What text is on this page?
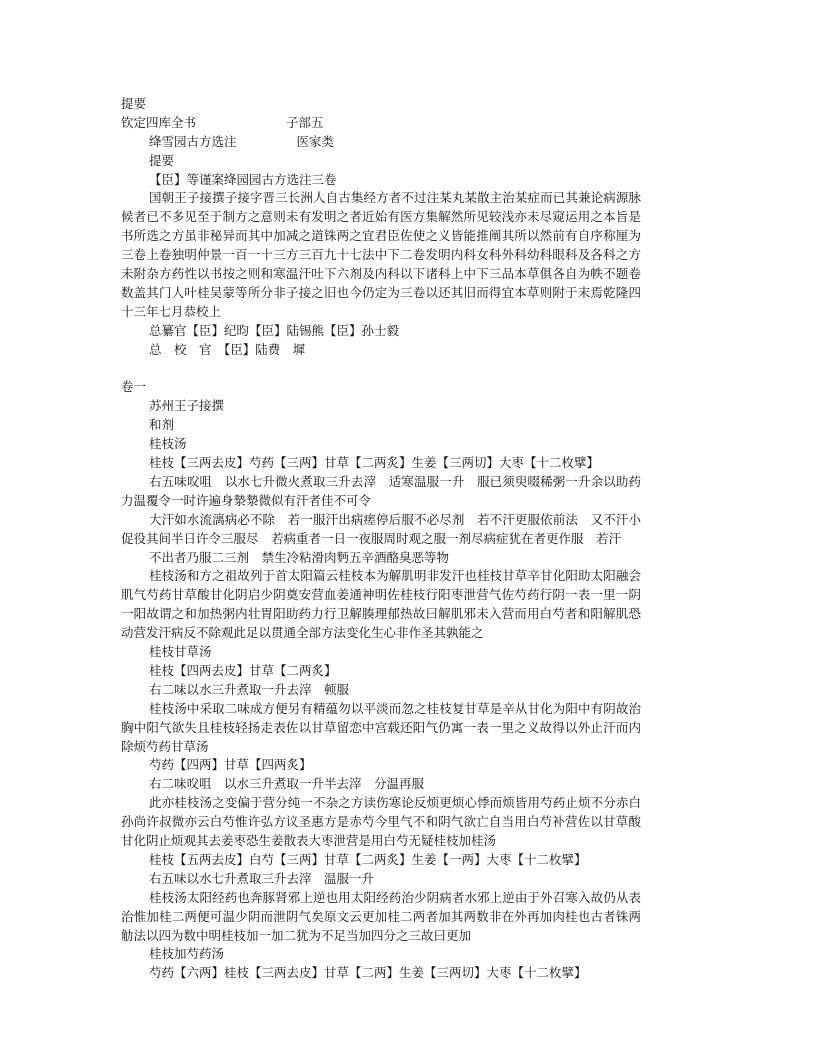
提要
钦定四库全书	子部五
绛雪园古方选注	医家类
提要
【臣】等谨案绛园园古方选注三卷
国朝王子接撰子接字晋三长洲人自古集经方者不过注某丸某散主治某症而已其兼论病源脉候者已不多见至于制方之意则未有发明之者近始有医方集解然所见较浅亦未尽窥运用之本旨是书所选之方虽非秘异而其中加减之道铢两之宜君臣佐使之义皆能推阐其所以然前有自序称厘为三卷上卷独明仲景一百一十三方三百九十七法中下二卷发明内科女科外科幼科眼科及各科之方未附杂方药性以书按之则和寒温汗吐下六剂及内科以下诸科上中下三品本草俱各自为帙不题卷数盖其门人叶桂吴蒙等所分非子接之旧也今仍定为三卷以还其旧而得宜本草则附于末焉乾隆四十三年七月恭校上
总纂官【臣】纪昀【臣】陆锡熊【臣】孙士毅
总　校　官　【臣】陆费　墀
卷一
苏州王子接撰
和剂
桂枝汤
桂枝【三两去皮】芍药【三两】甘草【二两炙】生姜【三两切】大枣【十二枚擘】
右五味㕮咀　以水七升微火煮取三升去滓　适寒温服一升　服已须臾啜稀粥一升余以助药力温覆令一时许遍身漐漐微似有汗者佳不可令
大汗如水流漓病必不除　若一服汗出病瘥停后服不必尽剂　若不汗更服依前法　又不汗小促役其间半日许令三服尽　若病重者一日一夜服周时观之服一剂尽病症犹在者更作服　若汗
不出者乃服二三剂　禁生冷粘滑肉麪五辛酒酪臭恶等物
桂枝汤和方之祖故列于首太阳篇云桂枝本为解肌明非发汗也桂枝甘草辛甘化阳助太阳融会肌气芍药甘草酸甘化阴启少阴奠安营血姜通神明佐桂枝行阳枣泄营气佐芍药行阴一表一里一阴一阳故谓之和加热粥内壮胃阳助药力行卫解腠理郁热故曰解肌邪未入营而用白芍者和阳解肌恐动营发汗病反不除观此足以贯通全部方法变化生心非作圣其孰能之
桂枝甘草汤
桂枝【四两去皮】甘草【二两炙】
右二味以水三升煮取一升去滓　顿服
桂枝汤中采取二味成方便另有精蕴勿以平淡而忽之桂枝复甘草是辛从甘化为阳中有阴故治胸中阳气欲失且桂枝轻扬走表佐以甘草留恋中宫载还阳气仍寓一表一里之义故得以外止汗而内除烦芍药甘草汤
芍药【四两】甘草【四两炙】
右二味㕮咀　以水三升煮取一升半去滓　分温再服
此亦桂枝汤之变偏于营分纯一不杂之方读伤寒论反烦更烦心悸而烦皆用芍药止烦不分赤白孙尚许叔微亦云白芍惟许弘方议圣惠方是赤芍今里气不和阴气欲亡自当用白芍补营佐以甘草酸甘化阴止烦观其去姜枣恐生姜散表大枣泄营是用白芍无疑桂枝加桂汤
桂枝【五两去皮】白芍【三两】甘草【二两炙】生姜【一两】大枣【十二枚擘】
右五味以水七升煮取三升去滓　温服一升
桂枝汤太阳经药也奔豚肾邪上逆也用太阳经药治少阴病者水邪上逆由于外召寒入故仍从表治惟加桂二两便可温少阴而泄阴气矣原文云更加桂二两者加其两数非在外再加肉桂也古者铢两觔法以四为数中明桂枝加一加二犹为不足当加四分之三故曰更加
桂枝加芍药汤
芍药【六两】桂枝【三两去皮】甘草【二两】生姜【三两切】大枣【十二枚擘】
